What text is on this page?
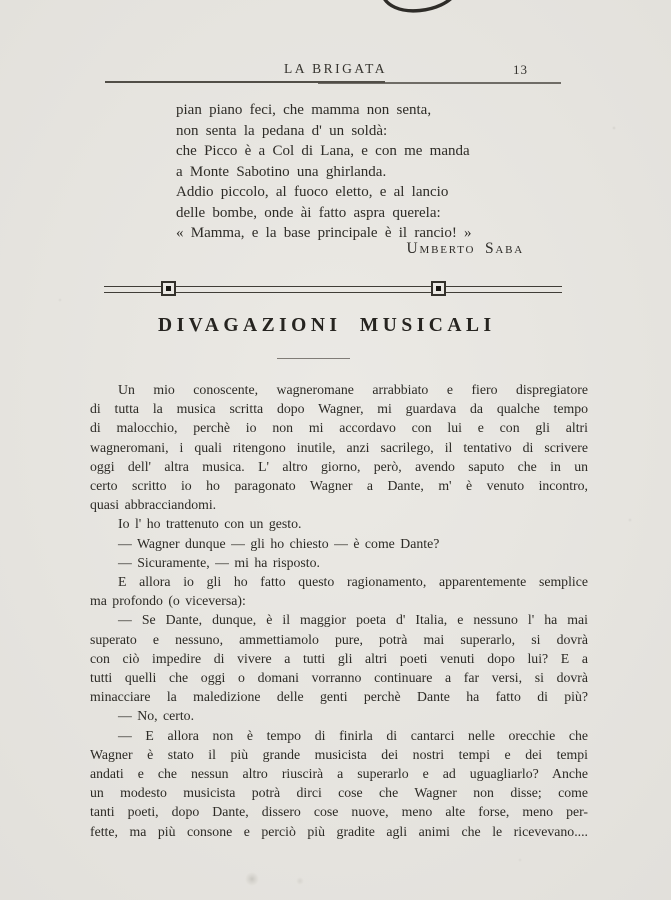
LA BRIGATA	13
pian piano feci, che mamma non senta,
non senta la pedana d' un soldà:
che Picco è a Col di Lana, e con me manda
a Monte Sabotino una ghirlanda.
Addio piccolo, al fuoco eletto, e al lancio
delle bombe, onde ài fatto aspra querela:
« Mamma, e la base principale è il rancio! »
Umberto Saba
DIVAGAZIONI MUSICALI
Un mio conoscente, wagneromane arrabbiato e fiero dispregiatore
di tutta la musica scritta dopo Wagner, mi guardava da qualche tempo
di malocchio, perchè io non mi accordavo con lui e con gli altri
wagneromani, i quali ritengono inutile, anzi sacrilego, il tentativo di scrivere
oggi dell' altra musica. L' altro giorno, però, avendo saputo che in un
certo scritto io ho paragonato Wagner a Dante, m' è venuto incontro,
quasi abbracciandomi.
Io l' ho trattenuto con un gesto.
— Wagner dunque — gli ho chiesto — è come Dante?
— Sicuramente, — mi ha risposto.
E allora io gli ho fatto questo ragionamento, apparentemente semplice
ma profondo (o viceversa):
— Se Dante, dunque, è il maggior poeta d' Italia, e nessuno l' ha mai
superato e nessuno, ammettiamolo pure, potrà mai superarlo, si dovrà
con ciò impedire di vivere a tutti gli altri poeti venuti dopo lui? E a
tutti quelli che oggi o domani vorranno continuare a far versi, si dovrà
minacciare la maledizione delle genti perchè Dante ha fatto di più?
— No, certo.
— E allora non è tempo di finirla di cantarci nelle orecchie che
Wagner è stato il più grande musicista dei nostri tempi e dei tempi
andati e che nessun altro riuscirà a superarlo e ad uguagliarlo? Anche
un modesto musicista potrà dirci cose che Wagner non disse; come
tanti poeti, dopo Dante, dissero cose nuove, meno alte forse, meno per-
fette, ma più consone e perciò più gradite agli animi che le ricevevano....
